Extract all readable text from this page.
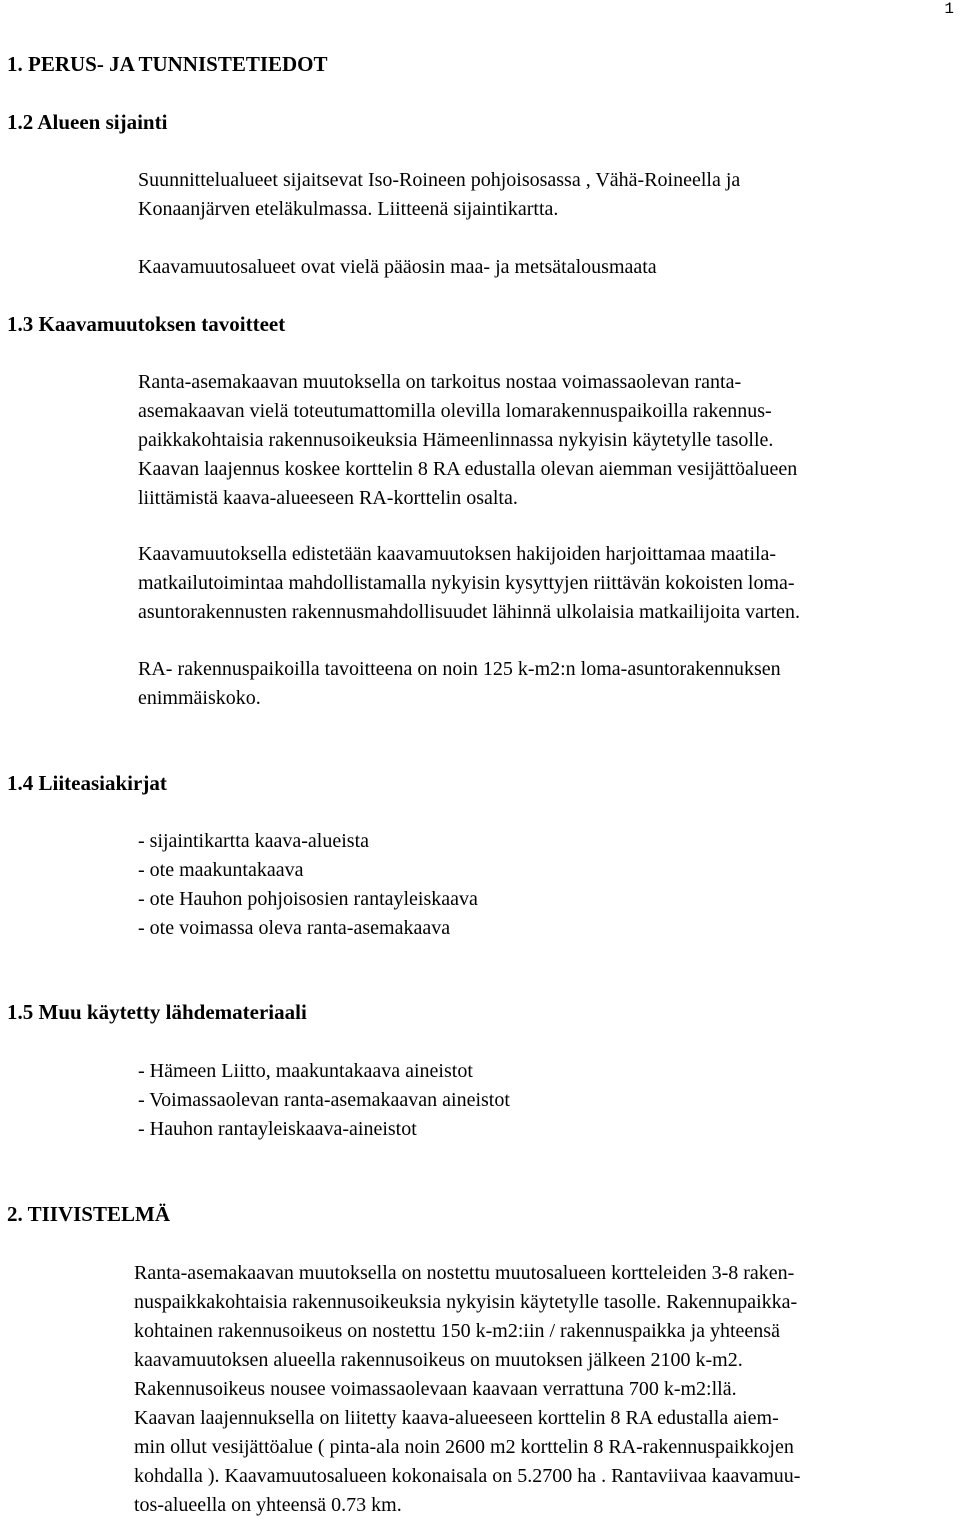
1
1. PERUS- JA TUNNISTETIEDOT
1.2 Alueen sijainti
Suunnittelualueet sijaitsevat Iso-Roineen pohjoisosassa , Vähä-Roineella ja
Konaanjärven eteläkulmassa. Liitteenä sijaintikartta.
Kaavamuutosalueet ovat vielä pääosin maa- ja metsätalousmaata
1.3 Kaavamuutoksen tavoitteet
Ranta-asemakaavan muutoksella on tarkoitus nostaa voimassaolevan ranta-
asemakaavan vielä toteutumattomilla olevilla lomarakennuspaikoilla rakennus-
paikkakohtaisia rakennusoikeuksia Hämeenlinnassa nykyisin käytetylle tasolle.
Kaavan laajennus koskee korttelin 8 RA edustalla olevan aiemman vesijättöalueen
liittämistä kaava-alueeseen RA-korttelin osalta.
Kaavamuutoksella edistetään kaavamuutoksen hakijoiden harjoittamaa maatila-
matkailutoimintaa mahdollistamalla nykyisin kysyttyjen riittävän kokoisten loma-
asuntorakennusten rakennusmahdollisuudet lähinnä ulkolaisia matkailijoita varten.
RA- rakennuspaikoilla tavoitteena on noin 125 k-m2:n loma-asuntorakennuksen
enimmäiskoko.
1.4 Liiteasiakirjat
- sijaintikartta kaava-alueista
- ote maakuntakaava
- ote Hauhon pohjoisosien rantayleiskaava
- ote voimassa oleva ranta-asemakaava
1.5 Muu käytetty lähdemateriaali
- Hämeen Liitto, maakuntakaava aineistot
- Voimassaolevan ranta-asemakaavan aineistot
- Hauhon rantayleiskaava-aineistot
2. TIIVISTELMÄ
Ranta-asemakaavan muutoksella on nostettu muutosalueen kortteleiden 3-8 raken-
nuspaikkakohtaisia rakennusoikeuksia nykyisin käytetylle tasolle. Rakennupaikka-
kohtainen rakennusoikeus on nostettu 150 k-m2:iin / rakennuspaikka ja yhteensä
kaavamuutoksen alueella rakennusoikeus on muutoksen jälkeen 2100 k-m2.
Rakennusoikeus nousee voimassaolevaan kaavaan verrattuna 700 k-m2:llä.
Kaavan laajennuksella on liitetty kaava-alueeseen korttelin 8 RA edustalla aiem-
min ollut vesijättöalue ( pinta-ala noin 2600 m2 korttelin 8 RA-rakennuspaikkojen
kohdalla ). Kaavamuutosalueen kokonaisala on 5.2700 ha . Rantaviivaa kaavamuu-
tos-alueella on yhteensä 0.73 km.
